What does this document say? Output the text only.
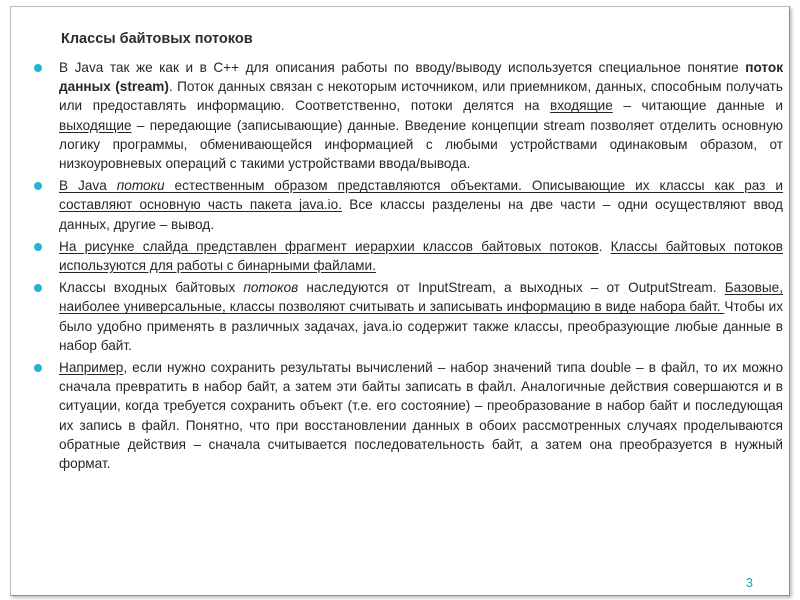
Классы байтовых потоков
В Java так же как и в С++ для описания работы по вводу/выводу используется специальное понятие поток данных (stream). Поток данных связан с некоторым источником, или приемником, данных, способным получать или предоставлять информацию. Соответственно, потоки делятся на входящие – читающие данные и выходящие – передающие (записывающие) данные. Введение концепции stream позволяет отделить основную логику программы, обменивающейся информацией с любыми устройствами одинаковым образом, от низкоуровневых операций с такими устройствами ввода/вывода.
В Java потоки естественным образом представляются объектами. Описывающие их классы как раз и составляют основную часть пакета java.io. Все классы разделены на две части – одни осуществляют ввод данных, другие – вывод.
На рисунке слайда представлен фрагмент иерархии классов байтовых потоков. Классы байтовых потоков используются для работы с бинарными файлами.
Классы входных байтовых потоков наследуются от InputStream, а выходных – от OutputStream. Базовые, наиболее универсальные, классы позволяют считывать и записывать информацию в виде набора байт. Чтобы их было удобно применять в различных задачах, java.io содержит также классы, преобразующие любые данные в набор байт.
Например, если нужно сохранить результаты вычислений – набор значений типа double – в файл, то их можно сначала превратить в набор байт, а затем эти байты записать в файл. Аналогичные действия совершаются и в ситуации, когда требуется сохранить объект (т.е. его состояние) – преобразование в набор байт и последующая их запись в файл. Понятно, что при восстановлении данных в обоих рассмотренных случаях проделываются обратные действия – сначала считывается последовательность байт, а затем она преобразуется в нужный формат.
3
